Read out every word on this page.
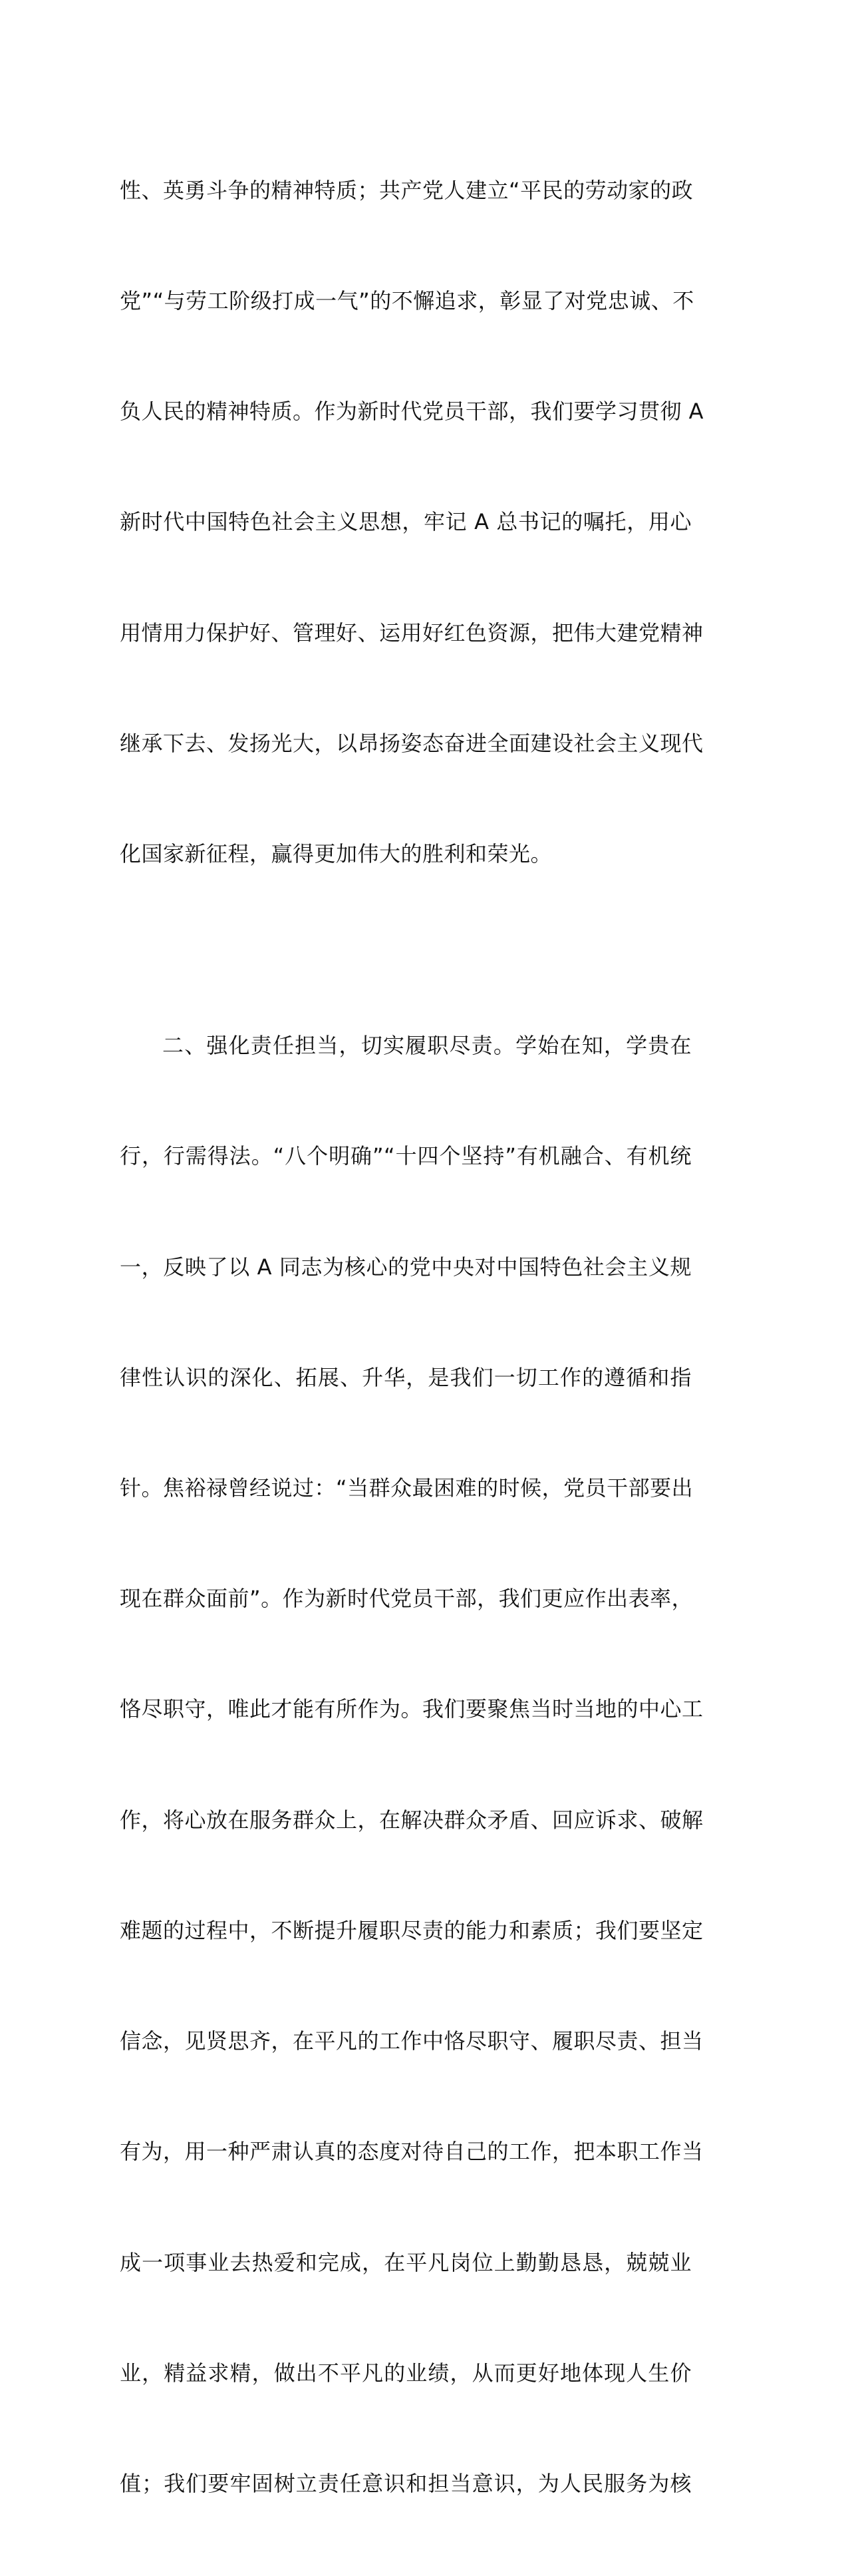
性、英勇斗争的精神特质；共产党人建立“平民的劳动家的政

党”“与劳工阶级打成一气”的不懈追求，彰显了对党忠诚、不

负人民的精神特质。作为新时代党员干部，我们要学习贯彻 A

新时代中国特色社会主义思想，牢记 A 总书记的嘱托，用心

用情用力保护好、管理好、运用好红色资源，把伟大建党精神

继承下去、发扬光大，以昂扬姿态奋进全面建设社会主义现代

化国家新征程，赢得更加伟大的胜利和荣光。

二、强化责任担当，切实履职尽责。学始在知，学贵在

行，行需得法。“八个明确”“十四个坚持”有机融合、有机统

一，反映了以 A 同志为核心的党中央对中国特色社会主义规

律性认识的深化、拓展、升华，是我们一切工作的遵循和指

针。焦裕禄曾经说过：“当群众最困难的时候，党员干部要出

现在群众面前”。作为新时代党员干部，我们更应作出表率，

恪尽职守，唯此才能有所作为。我们要聚焦当时当地的中心工

作，将心放在服务群众上，在解决群众矛盾、回应诉求、破解

难题的过程中，不断提升履职尽责的能力和素质；我们要坚定

信念，见贤思齐，在平凡的工作中恪尽职守、履职尽责、担当

有为，用一种严肃认真的态度对待自己的工作，把本职工作当

成一项事业去热爱和完成，在平凡岗位上勤勤恳恳，兢兢业

业，精益求精，做出不平凡的业绩，从而更好地体现人生价

值；我们要牢固树立责任意识和担当意识，为人民服务为核
